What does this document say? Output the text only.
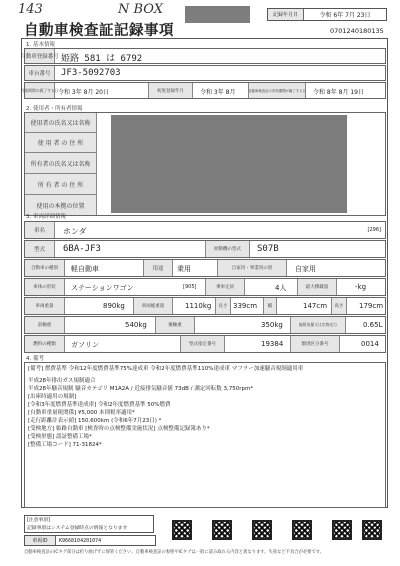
143	N BOX
自動車検査証記録事項
記録年月日	令和 6年 7月 23日
0701240180135
1. 基本情報
自動車登録番号 姫路 581 は 6792
車台番号 JF3-5092703
有効期間の満了する日 令和 3年 8月 20日	初度登録年月	令和 3年 8月	自動車検査証の有効期間が満了する日 令和 8年 8月 19日
2. 使用者・所有者情報
使用者の氏名又は名称
使 用 者 の 住 所
所有者の氏名又は名称
所 有 者 の 住 所
使用の本拠の位置
3. 車両詳細情報
車名 ホンダ	[296]
型式 6BA-JF3	原動機の型式 S07B
自動車の種別 軽自動車	用途 乗用	自家用・事業用の別	自家用
車体の形状 ステーションワゴン	[905]	乗車定員	4人	最大積載量	-kg
車両重量	890kg	車両総重量	1110kg 長さ 339cm 幅	147cm 高さ 179cm
前軸重	540kg	後軸重	350kg	総排気量又は定格出力	0.65L
燃料の種類 ガソリン	型式指定番号	19384	類別区分番号	0014
4. 備考
[備考] 燃費基準 令和12年度燃費基準75%達成車 令和2年度燃費基準110%達成車 マフラー加速騒音規制適用車
平成28年排出ガス規制適合
平成28年騒音規制 騒音カテゴリ M1A2A / 近接排気騒音値 73dB / 測定回転数 3,750rpm*
[出庫時適用の規制]
[令和3年度燃費基準達成車] 令和2年度燃費基準 50%燃費
[自動車重量税関係] ¥5,000 本則税率適用*
[走行距離計表示値] 150,600km (令和6年7月23日) *
[受検地方] 姫路自動車 [検査時の点検整備実施状況] 点検整備記録簿あり*
[受検形態] 認証整備工場*
[整備工場コード] 71-31824*
[注意事項]
記録事項はシステム登録時点の情報となります
車両ID	K9668104201074
自動車検査証のICタグ部分は折り曲げずに保管ください。自動車検査証の参照やICタグは一般に読み取れる内容と異なります。失効など不具合が必要です。
